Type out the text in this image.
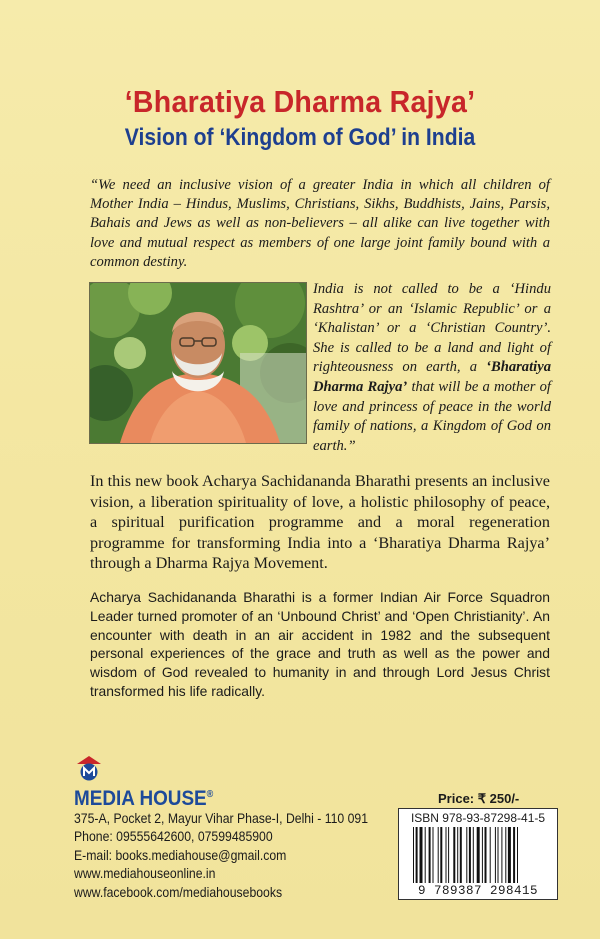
‘Bharatiya Dharma Rajya’
Vision of ‘Kingdom of God’ in India
“We need an inclusive vision of a greater India in which all children of Mother India – Hindus, Muslims, Christians, Sikhs, Buddhists, Jains, Parsis, Bahais and Jews as well as non-believers – all alike can live together with love and mutual respect as members of one large joint family bound with a common destiny.
India is not called to be a ‘Hindu Rashtra’ or an ‘Islamic Republic’ or a ‘Khalistan’ or a ‘Christian Country’. She is called to be a land and light of righteousness on earth, a ‘Bharatiya Dharma Rajya’ that will be a mother of love and princess of peace in the world family of nations, a Kingdom of God on earth.”
In this new book Acharya Sachidananda Bharathi presents an inclusive vision, a liberation spirituality of love, a holistic philosophy of peace, a spiritual purification programme and a moral regeneration programme for transforming India into a ‘Bharatiya Dharma Rajya’ through a Dharma Rajya Movement.
Acharya Sachidananda Bharathi is a former Indian Air Force Squadron Leader turned promoter of an ‘Unbound Christ’ and ‘Open Christianity’. An encounter with death in an air accident in 1982 and the subsequent personal experiences of the grace and truth as well as the power and wisdom of God revealed to humanity in and through Lord Jesus Christ transformed his life radically.
MEDIA HOUSE®
375-A, Pocket 2, Mayur Vihar Phase-I, Delhi - 110 091
Phone: 09555642600, 07599485900
E-mail: books.mediahouse@gmail.com
www.mediahouseonline.in
www.facebook.com/mediahousebooks
Price: ₹ 250/-
ISBN 978-93-87298-41-5
9 789387 298415
